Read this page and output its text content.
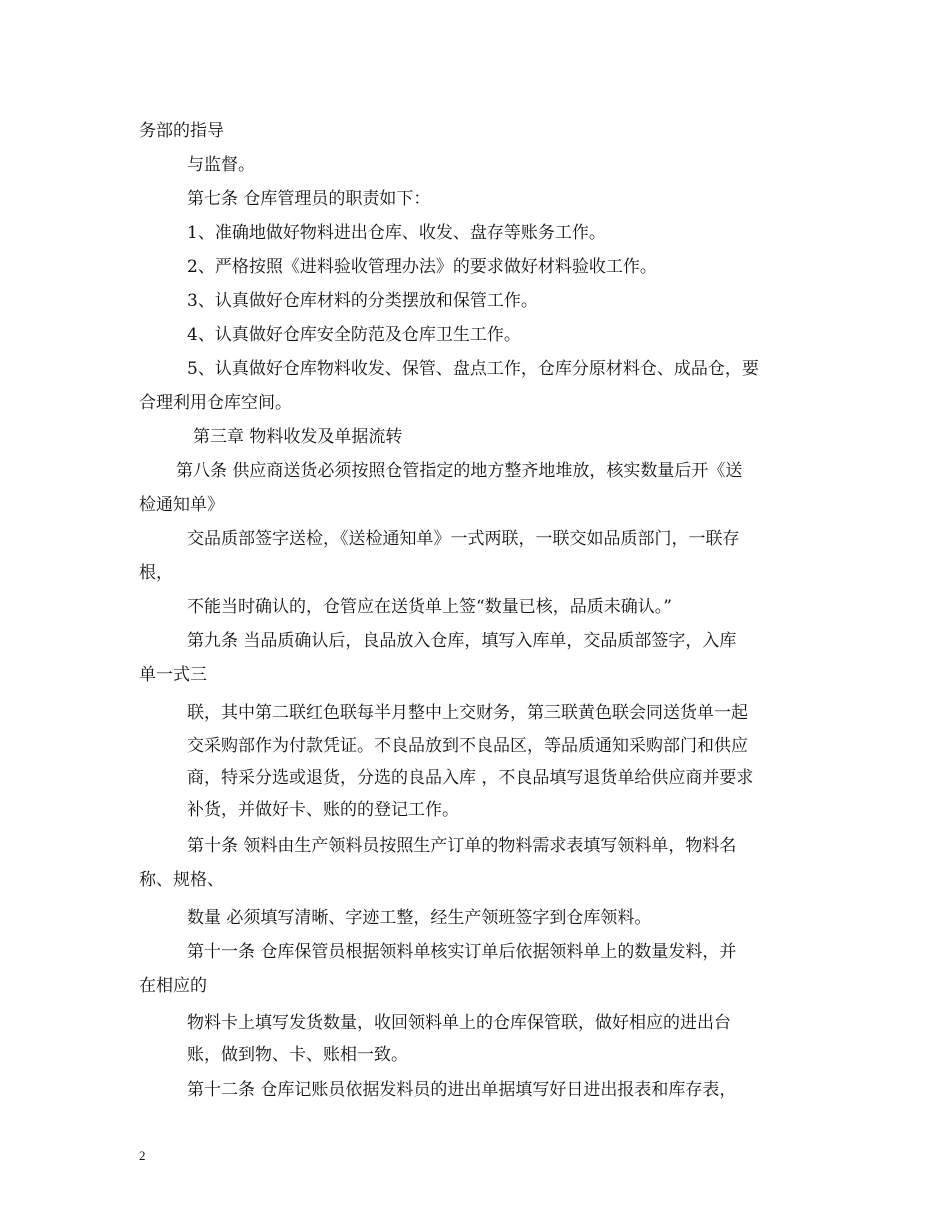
务部的指导
与监督。
第七条 仓库管理员的职责如下：
1、准确地做好物料进出仓库、收发、盘存等账务工作。
2、严格按照《进料验收管理办法》的要求做好材料验收工作。
3、认真做好仓库材料的分类摆放和保管工作。
4、认真做好仓库安全防范及仓库卫生工作。
5、认真做好仓库物料收发、保管、盘点工作，仓库分原材料仓、成品仓，要
合理利用仓库空间。
第三章 物料收发及单据流转
第八条 供应商送货必须按照仓管指定的地方整齐地堆放，核实数量后开《送
检通知单》
交品质部签字送检，《送检通知单》一式两联，一联交如品质部门，一联存
根，
不能当时确认的，仓管应在送货单上签“数量已核，品质未确认。”
第九条 当品质确认后，良品放入仓库，填写入库单，交品质部签字，入库
单一式三
联，其中第二联红色联每半月整中上交财务，第三联黄色联会同送货单一起
交采购部作为付款凭证。不良品放到不良品区，等品质通知采购部门和供应
商，特采分选或退货，分选的良品入库 ，不良品填写退货单给供应商并要求
补货，并做好卡、账的的登记工作。
第十条 领料由生产领料员按照生产订单的物料需求表填写领料单，物料名
称、规格、
数量 必须填写清晰、字迹工整，经生产领班签字到仓库领料。
第十一条 仓库保管员根据领料单核实订单后依据领料单上的数量发料，并
在相应的
物料卡上填写发货数量，收回领料单上的仓库保管联，做好相应的进出台
账，做到物、卡、账相一致。
第十二条 仓库记账员依据发料员的进出单据填写好日进出报表和库存表，
2
